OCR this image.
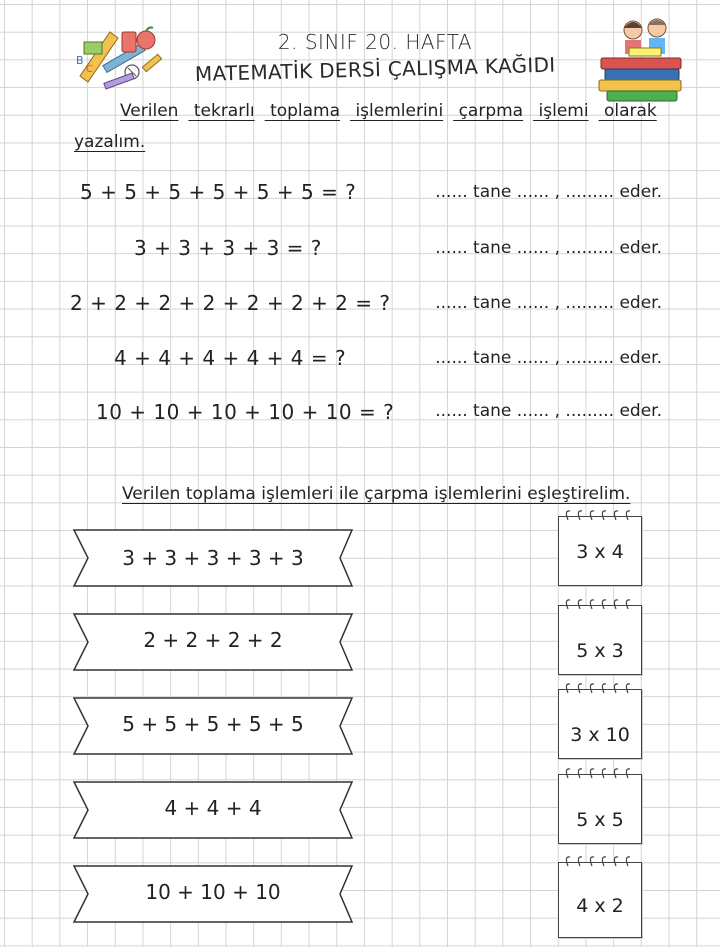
B
C
2. SINIF 20. HAFTA
MATEMATİK DERSİ ÇALIŞMA KAĞIDI
Verilen tekrarlı toplama işlemlerini çarpma işlemi olarak
yazalım.
5 + 5 + 5 + 5 + 5 + 5 = ?	...... tane ...... , ......... eder.
3 + 3 + 3 + 3 = ?	...... tane ...... , ......... eder.
2 + 2 + 2 + 2 + 2 + 2 + 2 = ?	...... tane ...... , ......... eder.
4 + 4 + 4 + 4 + 4 = ?	...... tane ...... , ......... eder.
10 + 10 + 10 + 10 + 10 = ? ...... tane ...... , ......... eder.
Verilen toplama işlemleri ile çarpma işlemlerini eşleştirelim.
3 + 3 + 3 + 3 + 3
2 + 2 + 2 + 2
5 + 5 + 5 + 5 + 5
4 + 4 + 4
10 + 10 + 10
3 x 4
5 x 3
3 x 10
5 x 5
4 x 2
